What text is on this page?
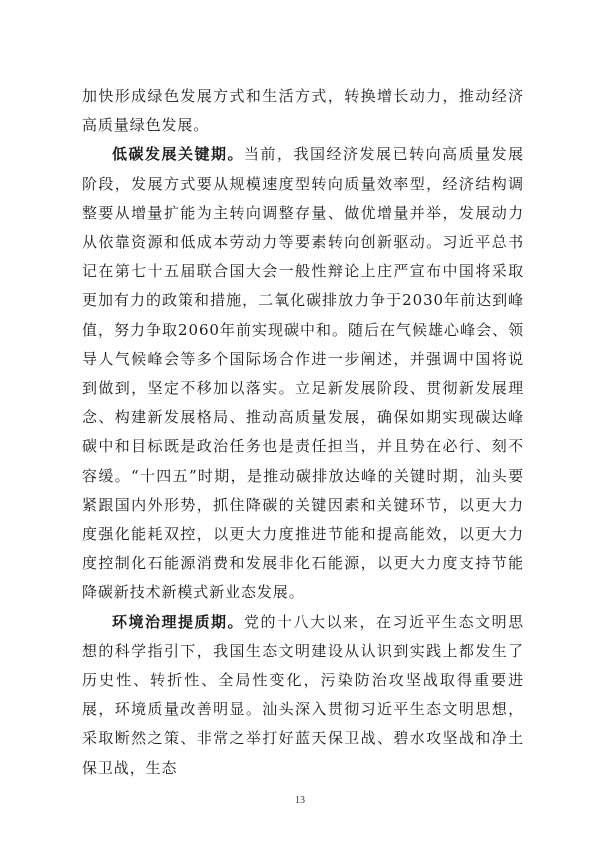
加快形成绿色发展方式和生活方式，转换增长动力，推动经济高质量绿色发展。

低碳发展关键期。当前，我国经济发展已转向高质量发展阶段，发展方式要从规模速度型转向质量效率型，经济结构调整要从增量扩能为主转向调整存量、做优增量并举，发展动力从依靠资源和低成本劳动力等要素转向创新驱动。习近平总书记在第七十五届联合国大会一般性辩论上庄严宣布中国将采取更加有力的政策和措施，二氧化碳排放力争于2030年前达到峰值，努力争取2060年前实现碳中和。随后在气候雄心峰会、领导人气候峰会等多个国际场合作进一步阐述，并强调中国将说到做到，坚定不移加以落实。立足新发展阶段、贯彻新发展理念、构建新发展格局、推动高质量发展，确保如期实现碳达峰碳中和目标既是政治任务也是责任担当，并且势在必行、刻不容缓。“十四五”时期，是推动碳排放达峰的关键时期，汕头要紧跟国内外形势，抓住降碳的关键因素和关键环节，以更大力度强化能耗双控，以更大力度推进节能和提高能效，以更大力度控制化石能源消费和发展非化石能源，以更大力度支持节能降碳新技术新模式新业态发展。

环境治理提质期。党的十八大以来，在习近平生态文明思想的科学指引下，我国生态文明建设从认识到实践上都发生了历史性、转折性、全局性变化，污染防治攻坚战取得重要进展，环境质量改善明显。汕头深入贯彻习近平生态文明思想，采取断然之策、非常之举打好蓝天保卫战、碧水攻坚战和净土保卫战，生态

13
